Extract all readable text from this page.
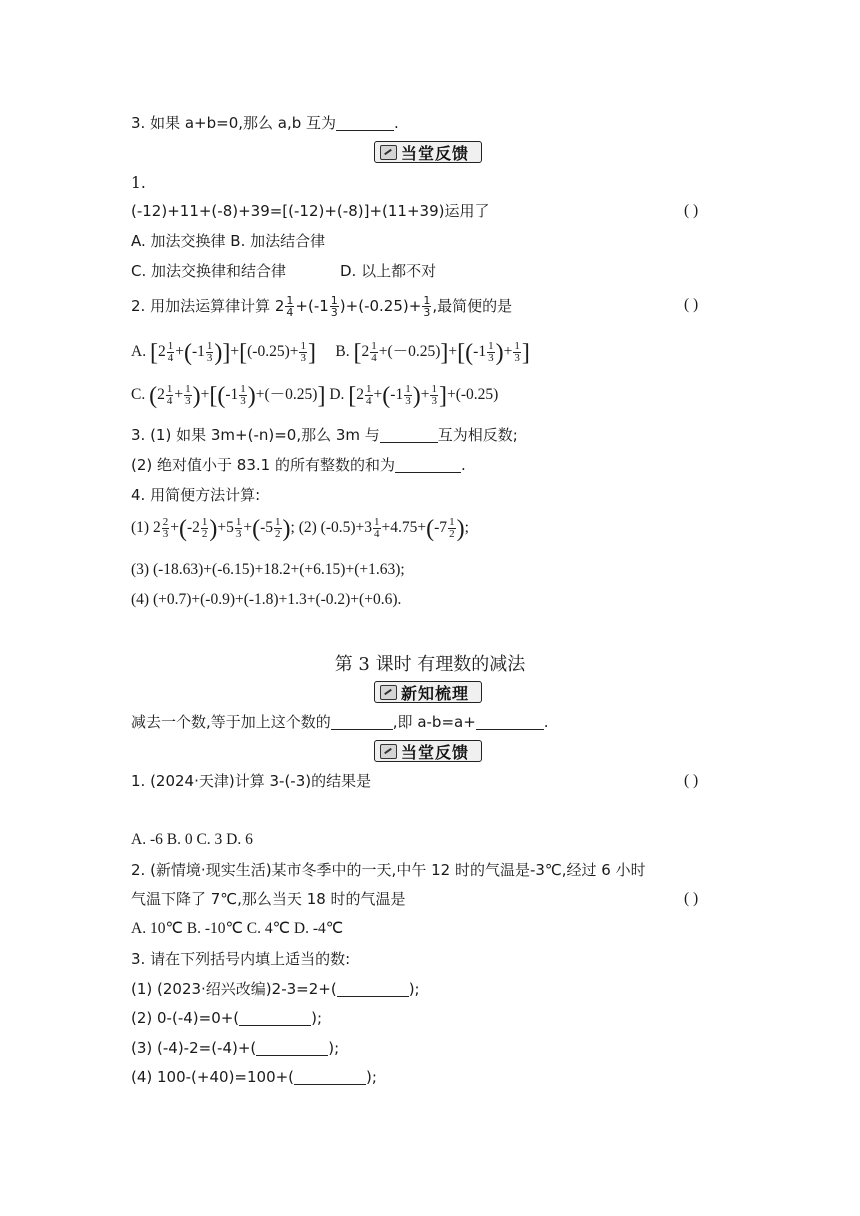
3. 如果 a+b=0,那么 a,b 互为	.
当堂反馈
1.
(-12)+11+(-8)+39=[(-12)+(-8)]+(11+39)运用了	( )
A. 加法交换律 B. 加法结合律
C. 加法交换律和结合律	D. 以上都不对
2. 用加法运算律计算 $2 \frac{1}{4} +(-1 \frac{1}{3} )+(-0.25)+ \frac{1}{3}$ ,最简便的是	( )
A. $[2 \frac{1}{4} +(-1 \frac{1}{3} )]+[(-0.25)+ \frac{1}{3}$ ] B. $[2 \frac{1}{4} +(-0.25)]+[(-1 \frac{1}{3}$ )+ $\frac{1}{3}$ ]
C. $(2 \frac{1}{4} + \frac{1}{3} )+[(-1 \frac{1}{3} )+(-0.25)]$ D. [$2 \frac{1}{4} +(-1 \frac{1}{3}$ )+ $\frac{1}{3} ]+(-0.25)$
3. (1) 如果 3m+(-n)=0,那么 3m 与	互为相反数;
(2) 绝对值小于 83.1 的所有整数的和为	.
4. 用简便方法计算:
(1) $2 \frac{2}{3} +(-2 \frac{1}{2} )+5 \frac{1}{3} +(-5 \frac{1}{2}$ ); (2) $(-0.5)+3 \frac{1}{4} +4.75+(-7 \frac{1}{2}$ );
(3) (-18.63)+(-6.15)+18.2+(+6.15)+(+1.63);
(4) (+0.7)+(-0.9)+(-1.8)+1.3+(-0.2)+(+0.6).
第 3 课时 有理数的减法
新知梳理
减去一个数,等于加上这个数的	,即 a-b=a+	.
当堂反馈
1. (2024·天津)计算 3-(-3)的结果是	( )
A. -6 B. 0 C. 3 D. 6
2. (新情境·现实生活)某市冬季中的一天,中午 12 时的气温是-3℃,经过 6 小时
气温下降了 7℃,那么当天 18 时的气温是	( )
A. 10℃ B. -10℃ C. 4℃ D. -4℃
3. 请在下列括号内填上适当的数:
(1) (2023·绍兴改编)2-3=2+(	);
(2) 0-(-4)=0+(	);
(3) (-4)-2=(-4)+(	);
(4) 100-(+40)=100+(	);
